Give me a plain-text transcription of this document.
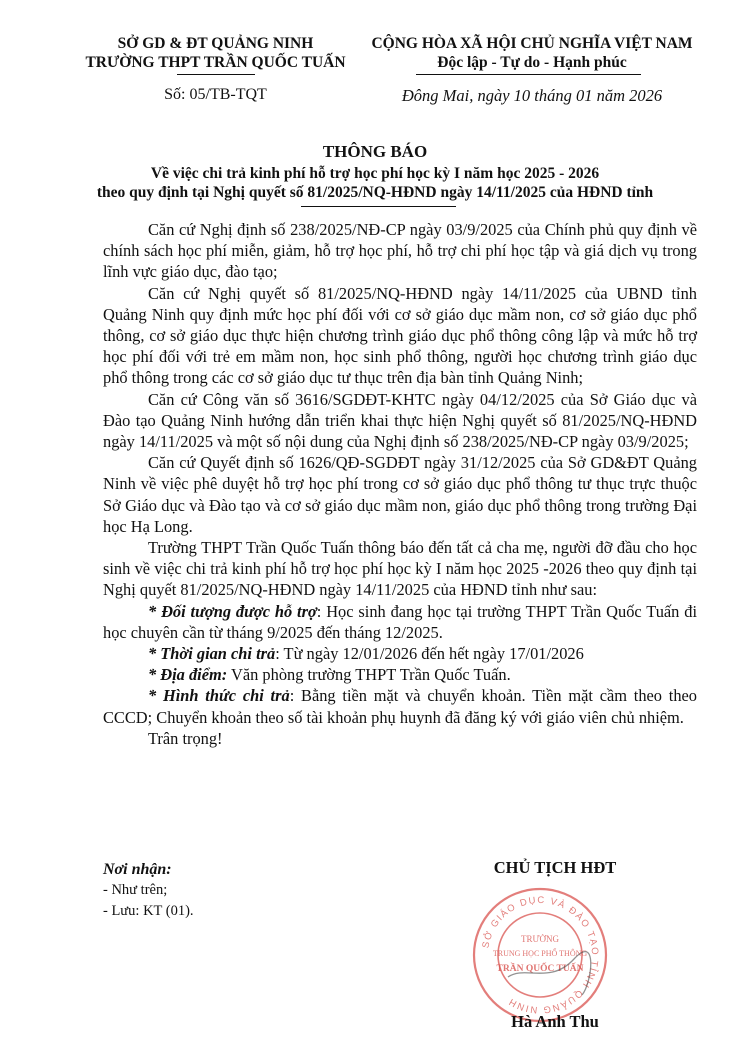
SỞ GD & ĐT QUẢNG NINH
TRƯỜNG THPT TRẦN QUỐC TUẤN
Số: 05/TB-TQT
CỘNG HÒA XÃ HỘI CHỦ NGHĨA VIỆT NAM
Độc lập - Tự do - Hạnh phúc
Đông Mai, ngày 10 tháng 01 năm 2026
THÔNG BÁO
Về việc chi trả kinh phí hỗ trợ học phí học kỳ I năm học 2025 - 2026
theo quy định tại Nghị quyết số 81/2025/NQ-HĐND ngày 14/11/2025 của HĐND tỉnh

Căn cứ Nghị định số 238/2025/NĐ-CP ngày 03/9/2025 của Chính phủ quy định về chính sách học phí miễn, giảm, hỗ trợ học phí, hỗ trợ chi phí học tập và giá dịch vụ trong lĩnh vực giáo dục, đào tạo;

Căn cứ Nghị quyết số 81/2025/NQ-HĐND ngày 14/11/2025 của UBND tỉnh Quảng Ninh quy định mức học phí đối với cơ sở giáo dục mầm non, cơ sở giáo dục phổ thông, cơ sở giáo dục thực hiện chương trình giáo dục phổ thông công lập và mức hỗ trợ học phí đối với trẻ em mầm non, học sinh phổ thông, người học chương trình giáo dục phổ thông trong các cơ sở giáo dục tư thục trên địa bàn tỉnh Quảng Ninh;

Căn cứ Công văn số 3616/SGDĐT-KHTC ngày 04/12/2025 của Sở Giáo dục và Đào tạo Quảng Ninh hướng dẫn triển khai thực hiện Nghị quyết số 81/2025/NQ-HĐND ngày 14/11/2025 và một số nội dung của Nghị định số 238/2025/NĐ-CP ngày 03/9/2025;

Căn cứ Quyết định số 1626/QĐ-SGDĐT ngày 31/12/2025 của Sở GD&ĐT Quảng Ninh về việc phê duyệt hỗ trợ học phí trong cơ sở giáo dục phổ thông tư thục trực thuộc Sở Giáo dục và Đào tạo và cơ sở giáo dục mầm non, giáo dục phổ thông trong trường Đại học Hạ Long.

Trường THPT Trần Quốc Tuấn thông báo đến tất cả cha mẹ, người đỡ đầu cho học sinh về việc chi trả kinh phí hỗ trợ học phí học kỳ I năm học 2025 -2026 theo quy định tại Nghị quyết 81/2025/NQ-HĐND ngày 14/11/2025 của HĐND tỉnh như sau:

* Đối tượng được hỗ trợ: Học sinh đang học tại trường THPT Trần Quốc Tuấn đi học chuyên cần từ tháng 9/2025 đến tháng 12/2025.

* Thời gian chi trả: Từ ngày 12/01/2026 đến hết ngày 17/01/2026

* Địa điểm: Văn phòng trường THPT Trần Quốc Tuấn.

* Hình thức chi trả: Bằng tiền mặt và chuyển khoản. Tiền mặt cầm theo theo CCCD; Chuyển khoản theo số tài khoản phụ huynh đã đăng ký với giáo viên chủ nhiệm.

Trân trọng!

Nơi nhận:
- Như trên;
- Lưu: KT (01).
CHỦ TỊCH HĐT
SỞ GIÁO DỤC VÀ ĐÀO TẠO TỈNH QUẢNG NINH
TRƯỜNG
TRUNG HỌC PHỔ THÔNG
TRẦN QUỐC TUẤN
Hà Anh Thu
